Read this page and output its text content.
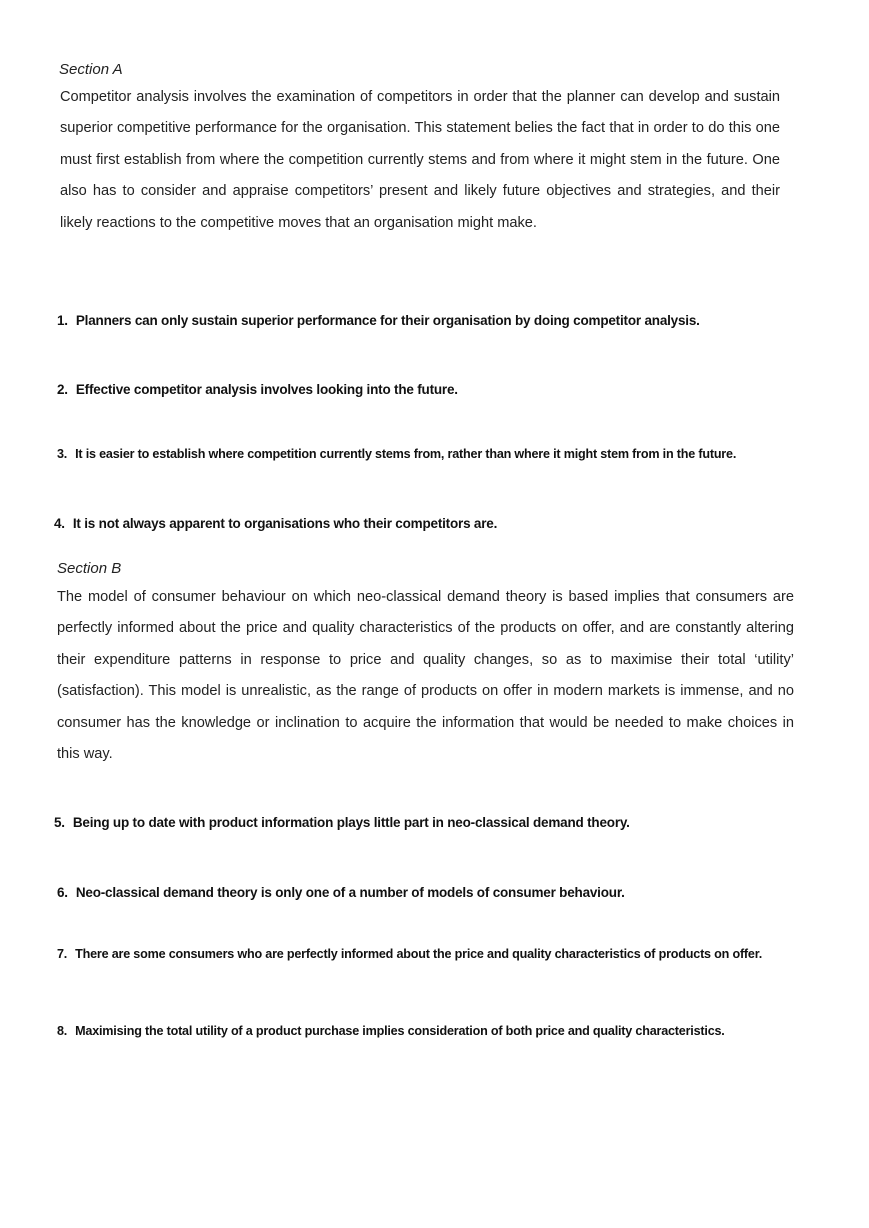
Section A

Competitor analysis involves the examination of competitors in order that the planner can develop and sustain superior competitive performance for the organisation. This statement belies the fact that in order to do this one must first establish from where the competition currently stems and from where it might stem in the future. One also has to consider and appraise competitors’ present and likely future objectives and strategies, and their likely reactions to the competitive moves that an organisation might make.

1. Planners can only sustain superior performance for their organisation by doing competitor analysis.

2. Effective competitor analysis involves looking into the future.

3. It is easier to establish where competition currently stems from, rather than where it might stem from in the future.

4. It is not always apparent to organisations who their competitors are.

Section B

The model of consumer behaviour on which neo-classical demand theory is based implies that consumers are perfectly informed about the price and quality characteristics of the products on offer, and are constantly altering their expenditure patterns in response to price and quality changes, so as to maximise their total ‘utility’ (satisfaction). This model is unrealistic, as the range of products on offer in modern markets is immense, and no consumer has the knowledge or inclination to acquire the information that would be needed to make choices in this way.

5. Being up to date with product information plays little part in neo-classical demand theory.

6. Neo-classical demand theory is only one of a number of models of consumer behaviour.

7. There are some consumers who are perfectly informed about the price and quality characteristics of products on offer.

8. Maximising the total utility of a product purchase implies consideration of both price and quality characteristics.
